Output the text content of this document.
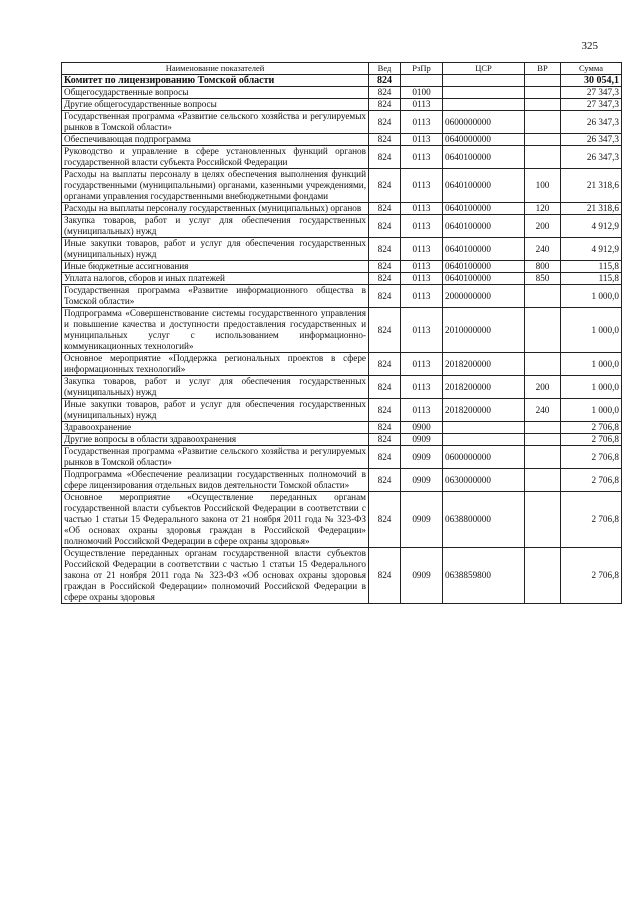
325
Наименование показателей	Вед	РзПр	ЦСР	ВР	Сумма
Комитет по лицензированию Томской области	824				30 054,1
Общегосударственные вопросы	824	0100			27 347,3
Другие общегосударственные вопросы	824	0113			27 347,3
Государственная программа «Развитие сельского хозяйства и регулируемых рынков в Томской области»	824	0113	0600000000		26 347,3
Обеспечивающая подпрограмма	824	0113	0640000000		26 347,3
Руководство и управление в сфере установленных функций органов государственной власти субъекта Российской Федерации	824	0113	0640100000		26 347,3
Расходы на выплаты персоналу в целях обеспечения выполнения функций государственными (муниципальными) органами, казенными учреждениями, органами управления государственными внебюджетными фондами	824	0113	0640100000	100	21 318,6
Расходы на выплаты персоналу государственных (муниципальных) органов	824	0113	0640100000	120	21 318,6
Закупка товаров, работ и услуг для обеспечения государственных (муниципальных) нужд	824	0113	0640100000	200	4 912,9
Иные закупки товаров, работ и услуг для обеспечения государственных (муниципальных) нужд	824	0113	0640100000	240	4 912,9
Иные бюджетные ассигнования	824	0113	0640100000	800	115,8
Уплата налогов, сборов и иных платежей	824	0113	0640100000	850	115,8
Государственная программа «Развитие информационного общества в Томской области»	824	0113	2000000000		1 000,0
Подпрограмма «Совершенствование системы государственного управления и повышение качества и доступности предоставления государственных и муниципальных услуг с использованием информационно-коммуникационных технологий»	824	0113	2010000000		1 000,0
Основное мероприятие «Поддержка региональных проектов в сфере информационных технологий»	824	0113	2018200000		1 000,0
Закупка товаров, работ и услуг для обеспечения государственных (муниципальных) нужд	824	0113	2018200000	200	1 000,0
Иные закупки товаров, работ и услуг для обеспечения государственных (муниципальных) нужд	824	0113	2018200000	240	1 000,0
Здравоохранение	824	0900			2 706,8
Другие вопросы в области здравоохранения	824	0909			2 706,8
Государственная программа «Развитие сельского хозяйства и регулируемых рынков в Томской области»	824	0909	0600000000		2 706,8
Подпрограмма «Обеспечение реализации государственных полномочий в сфере лицензирования отдельных видов деятельности Томской области»	824	0909	0630000000		2 706,8
Основное мероприятие «Осуществление переданных органам государственной власти субъектов Российской Федерации в соответствии с частью 1 статьи 15 Федерального закона от 21 ноября 2011 года № 323-ФЗ «Об основах охраны здоровья граждан в Российской Федерации» полномочий Российской Федерации в сфере охраны здоровья»	824	0909	0638800000		2 706,8
Осуществление переданных органам государственной власти субъектов Российской Федерации в соответствии с частью 1 статьи 15 Федерального закона от 21 ноября 2011 года № 323-ФЗ «Об основах охраны здоровья граждан в Российской Федерации» полномочий Российской Федерации в сфере охраны здоровья	824	0909	0638859800		2 706,8
